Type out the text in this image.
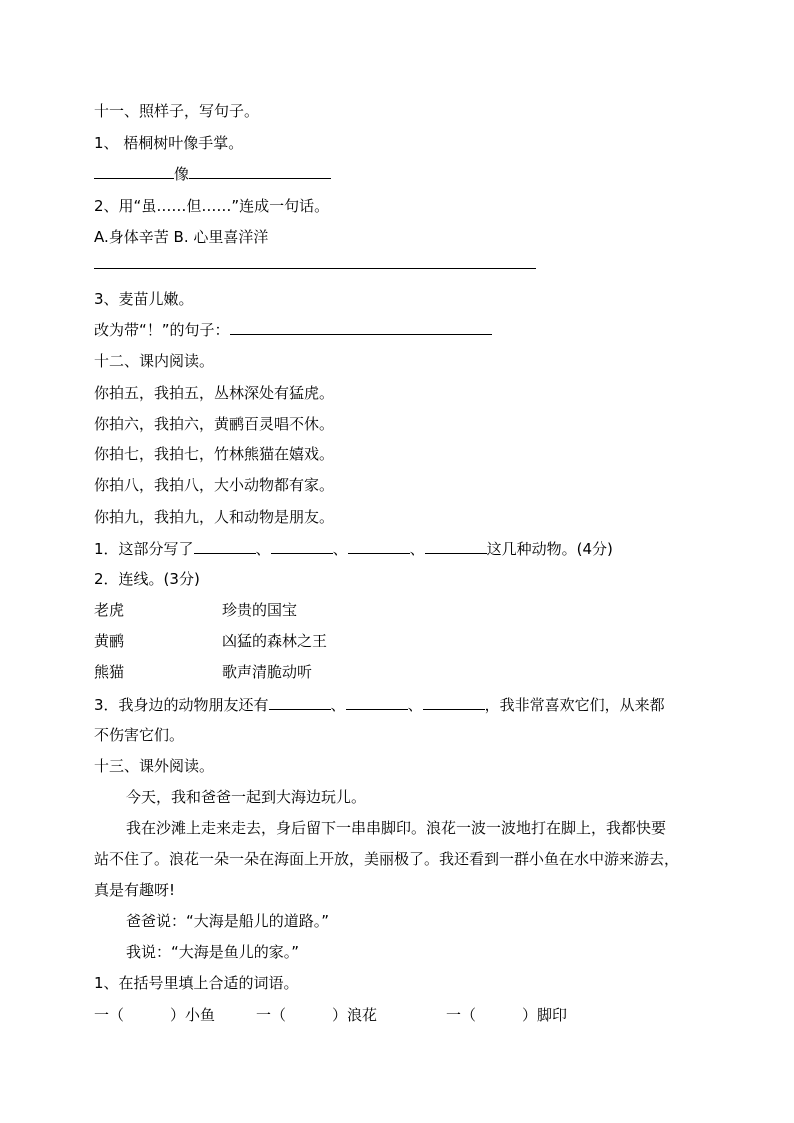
十一、照样子，写句子。
1、 梧桐树叶像手掌。
像
2、用“虽……但……”连成一句话。
A.身体辛苦 B. 心里喜洋洋
3、麦苗儿嫩。
改为带“！”的句子：
十二、课内阅读。
你拍五，我拍五，丛林深处有猛虎。
你拍六，我拍六，黄鹂百灵唱不休。
你拍七，我拍七，竹林熊猫在嬉戏。
你拍八，我拍八，大小动物都有家。
你拍九，我拍九，人和动物是朋友。
1．这部分写了	、	、	、	这几种动物。(4分)
2．连线。(3分)
老虎	珍贵的国宝
黄鹂	凶猛的森林之王
熊猫	歌声清脆动听
3．我身边的动物朋友还有	、	、	，我非常喜欢它们，从来都
不伤害它们。
十三、课外阅读。
今天，我和爸爸一起到大海边玩儿。
我在沙滩上走来走去，身后留下一串串脚印。浪花一波一波地打在脚上，我都快要
站不住了。浪花一朵一朵在海面上开放，美丽极了。我还看到一群小鱼在水中游来游去，
真是有趣呀!
爸爸说：“大海是船儿的道路。”
我说：“大海是鱼儿的家。”
1、在括号里填上合适的词语。
一（	）小鱼	一（	）浪花	一（	）脚印
